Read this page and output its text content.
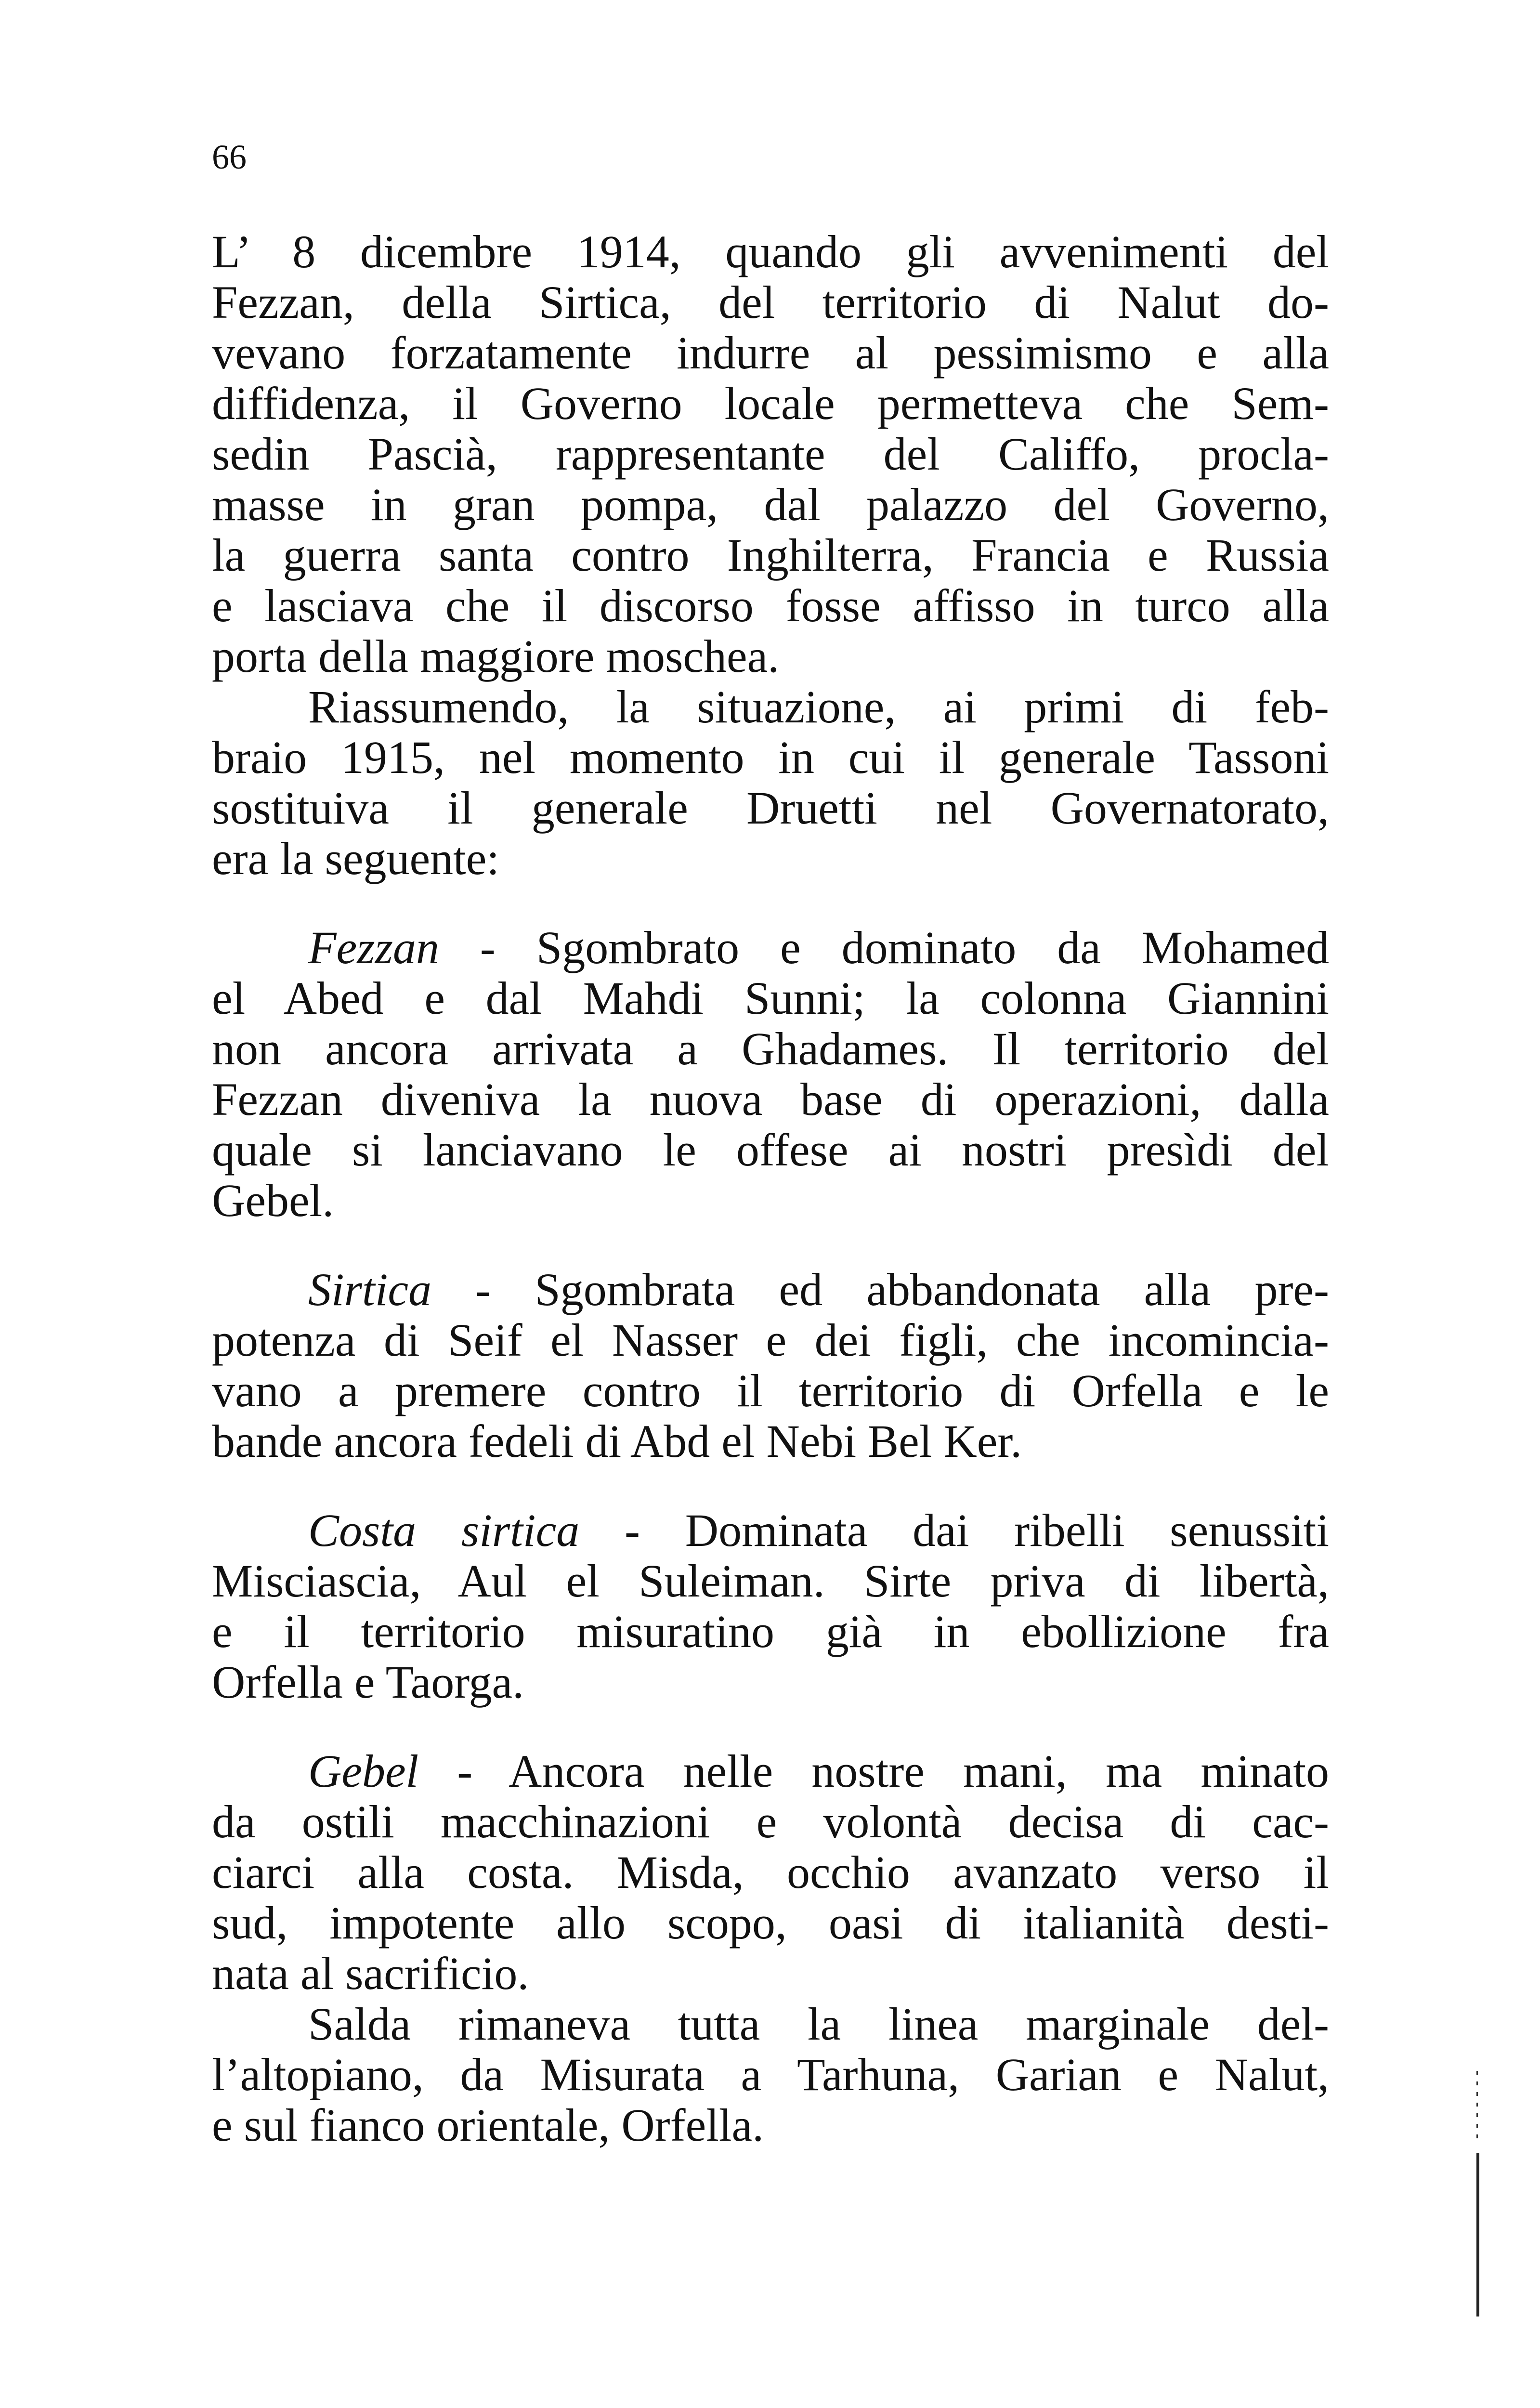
66
L’ 8 dicembre 1914, quando gli avvenimenti del
Fezzan, della Sirtica, del territorio di Nalut do-
vevano forzatamente indurre al pessimismo e alla
diffidenza, il Governo locale permetteva che Sem-
sedin Pascià, rappresentante del Califfo, procla-
masse in gran pompa, dal palazzo del Governo,
la guerra santa contro Inghilterra, Francia e Russia
e lasciava che il discorso fosse affisso in turco alla
porta della maggiore moschea.
Riassumendo, la situazione, ai primi di feb-
braio 1915, nel momento in cui il generale Tassoni
sostituiva il generale Druetti nel Governatorato,
era la seguente:
Fezzan - Sgombrato e dominato da Mohamed
el Abed e dal Mahdi Sunni; la colonna Giannini
non ancora arrivata a Ghadames. Il territorio del
Fezzan diveniva la nuova base di operazioni, dalla
quale si lanciavano le offese ai nostri presìdi del
Gebel.
Sirtica - Sgombrata ed abbandonata alla pre-
potenza di Seif el Nasser e dei figli, che incomincia-
vano a premere contro il territorio di Orfella e le
bande ancora fedeli di Abd el Nebi Bel Ker.
Costa sirtica - Dominata dai ribelli senussiti
Misciascia, Aul el Suleiman. Sirte priva di libertà,
e il territorio misuratino già in ebollizione fra
Orfella e Taorga.
Gebel - Ancora nelle nostre mani, ma minato
da ostili macchinazioni e volontà decisa di cac-
ciarci alla costa. Misda, occhio avanzato verso il
sud, impotente allo scopo, oasi di italianità desti-
nata al sacrificio.
Salda rimaneva tutta la linea marginale del-
l’altopiano, da Misurata a Tarhuna, Garian e Nalut,
e sul fianco orientale, Orfella.
